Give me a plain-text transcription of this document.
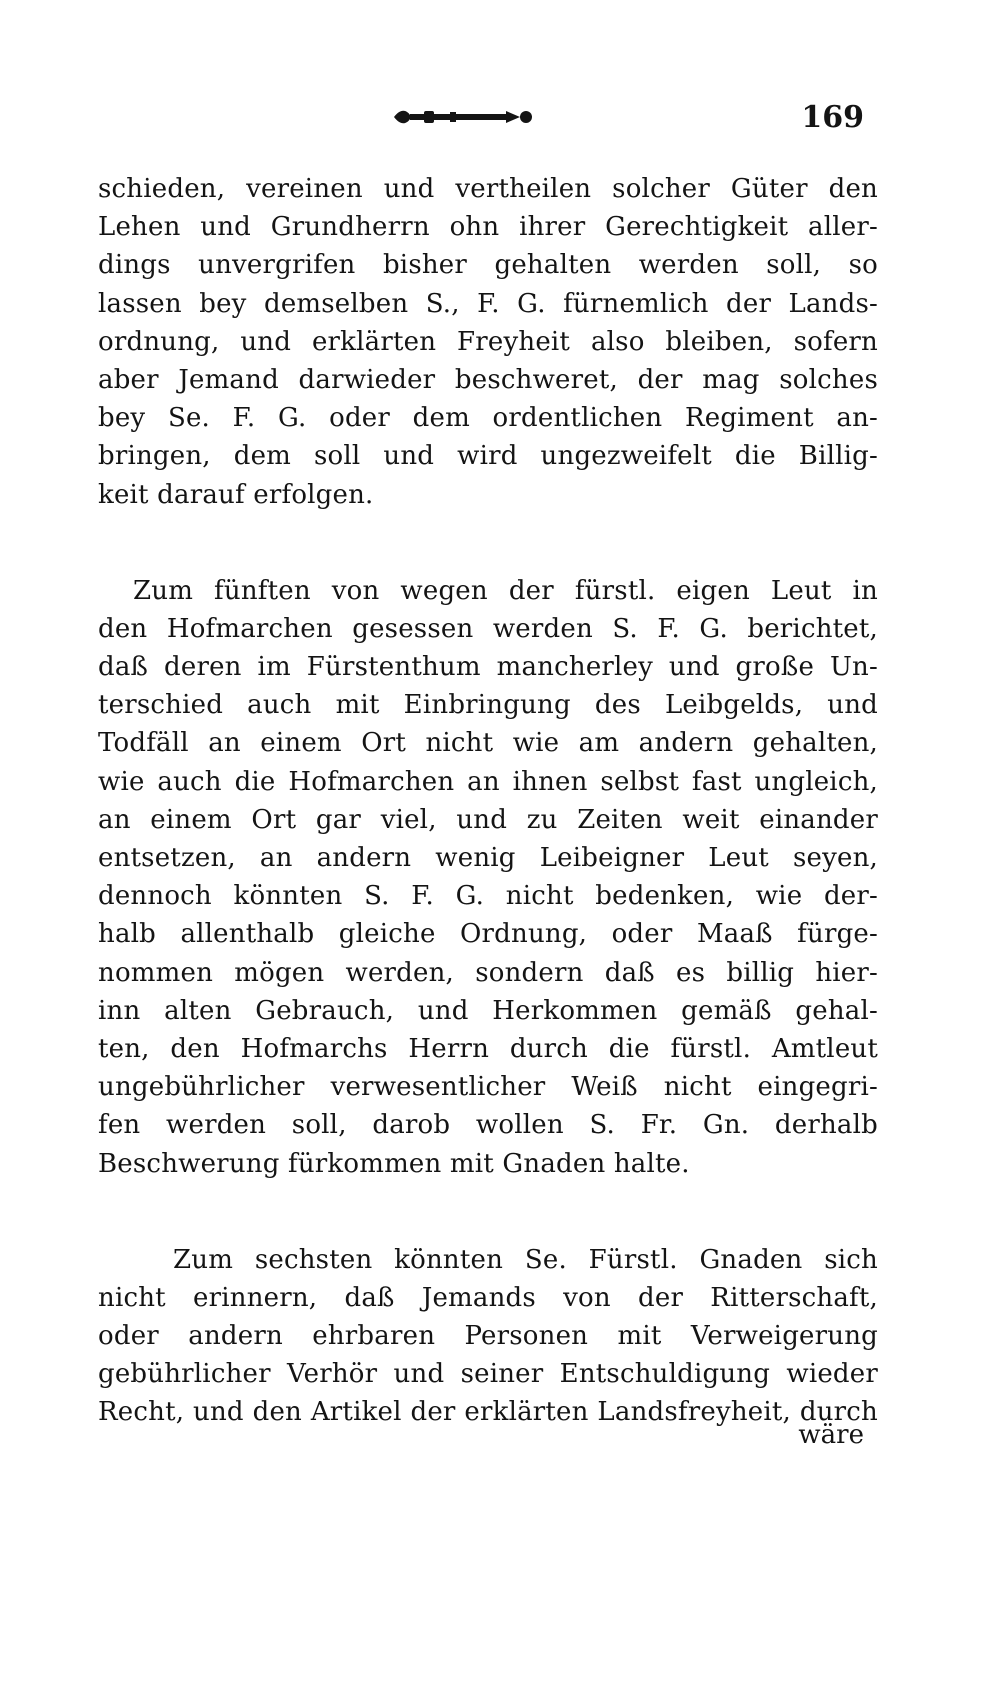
169
schieden, vereinen und vertheilen solcher Güter den
Lehen und Grundherrn ohn ihrer Gerechtigkeit aller-
dings unvergrifen bisher gehalten werden soll, so
lassen bey demselben S., F. G. fürnemlich der Lands-
ordnung, und erklärten Freyheit also bleiben, sofern
aber Jemand darwieder beschweret, der mag solches
bey Se. F. G. oder dem ordentlichen Regiment an-
bringen, dem soll und wird ungezweifelt die Billig-
keit darauf erfolgen.
Zum fünften von wegen der fürstl. eigen Leut in
den Hofmarchen gesessen werden S. F. G. berichtet,
daß deren im Fürstenthum mancherley und große Un-
terschied auch mit Einbringung des Leibgelds, und
Todfäll an einem Ort nicht wie am andern gehalten,
wie auch die Hofmarchen an ihnen selbst fast ungleich,
an einem Ort gar viel, und zu Zeiten weit einander
entsetzen, an andern wenig Leibeigner Leut seyen,
dennoch könnten S. F. G. nicht bedenken, wie der-
halb allenthalb gleiche Ordnung, oder Maaß fürge-
nommen mögen werden, sondern daß es billig hier-
inn alten Gebrauch, und Herkommen gemäß gehal-
ten, den Hofmarchs Herrn durch die fürstl. Amtleut
ungebührlicher verwesentlicher Weiß nicht eingegri-
fen werden soll, darob wollen S. Fr. Gn. derhalb
Beschwerung fürkommen mit Gnaden halte.
Zum sechsten könnten Se. Fürstl. Gnaden sich
nicht erinnern, daß Jemands von der Ritterschaft,
oder andern ehrbaren Personen mit Verweigerung
gebührlicher Verhör und seiner Entschuldigung wieder
Recht, und den Artikel der erklärten Landsfreyheit, durch
wäre
